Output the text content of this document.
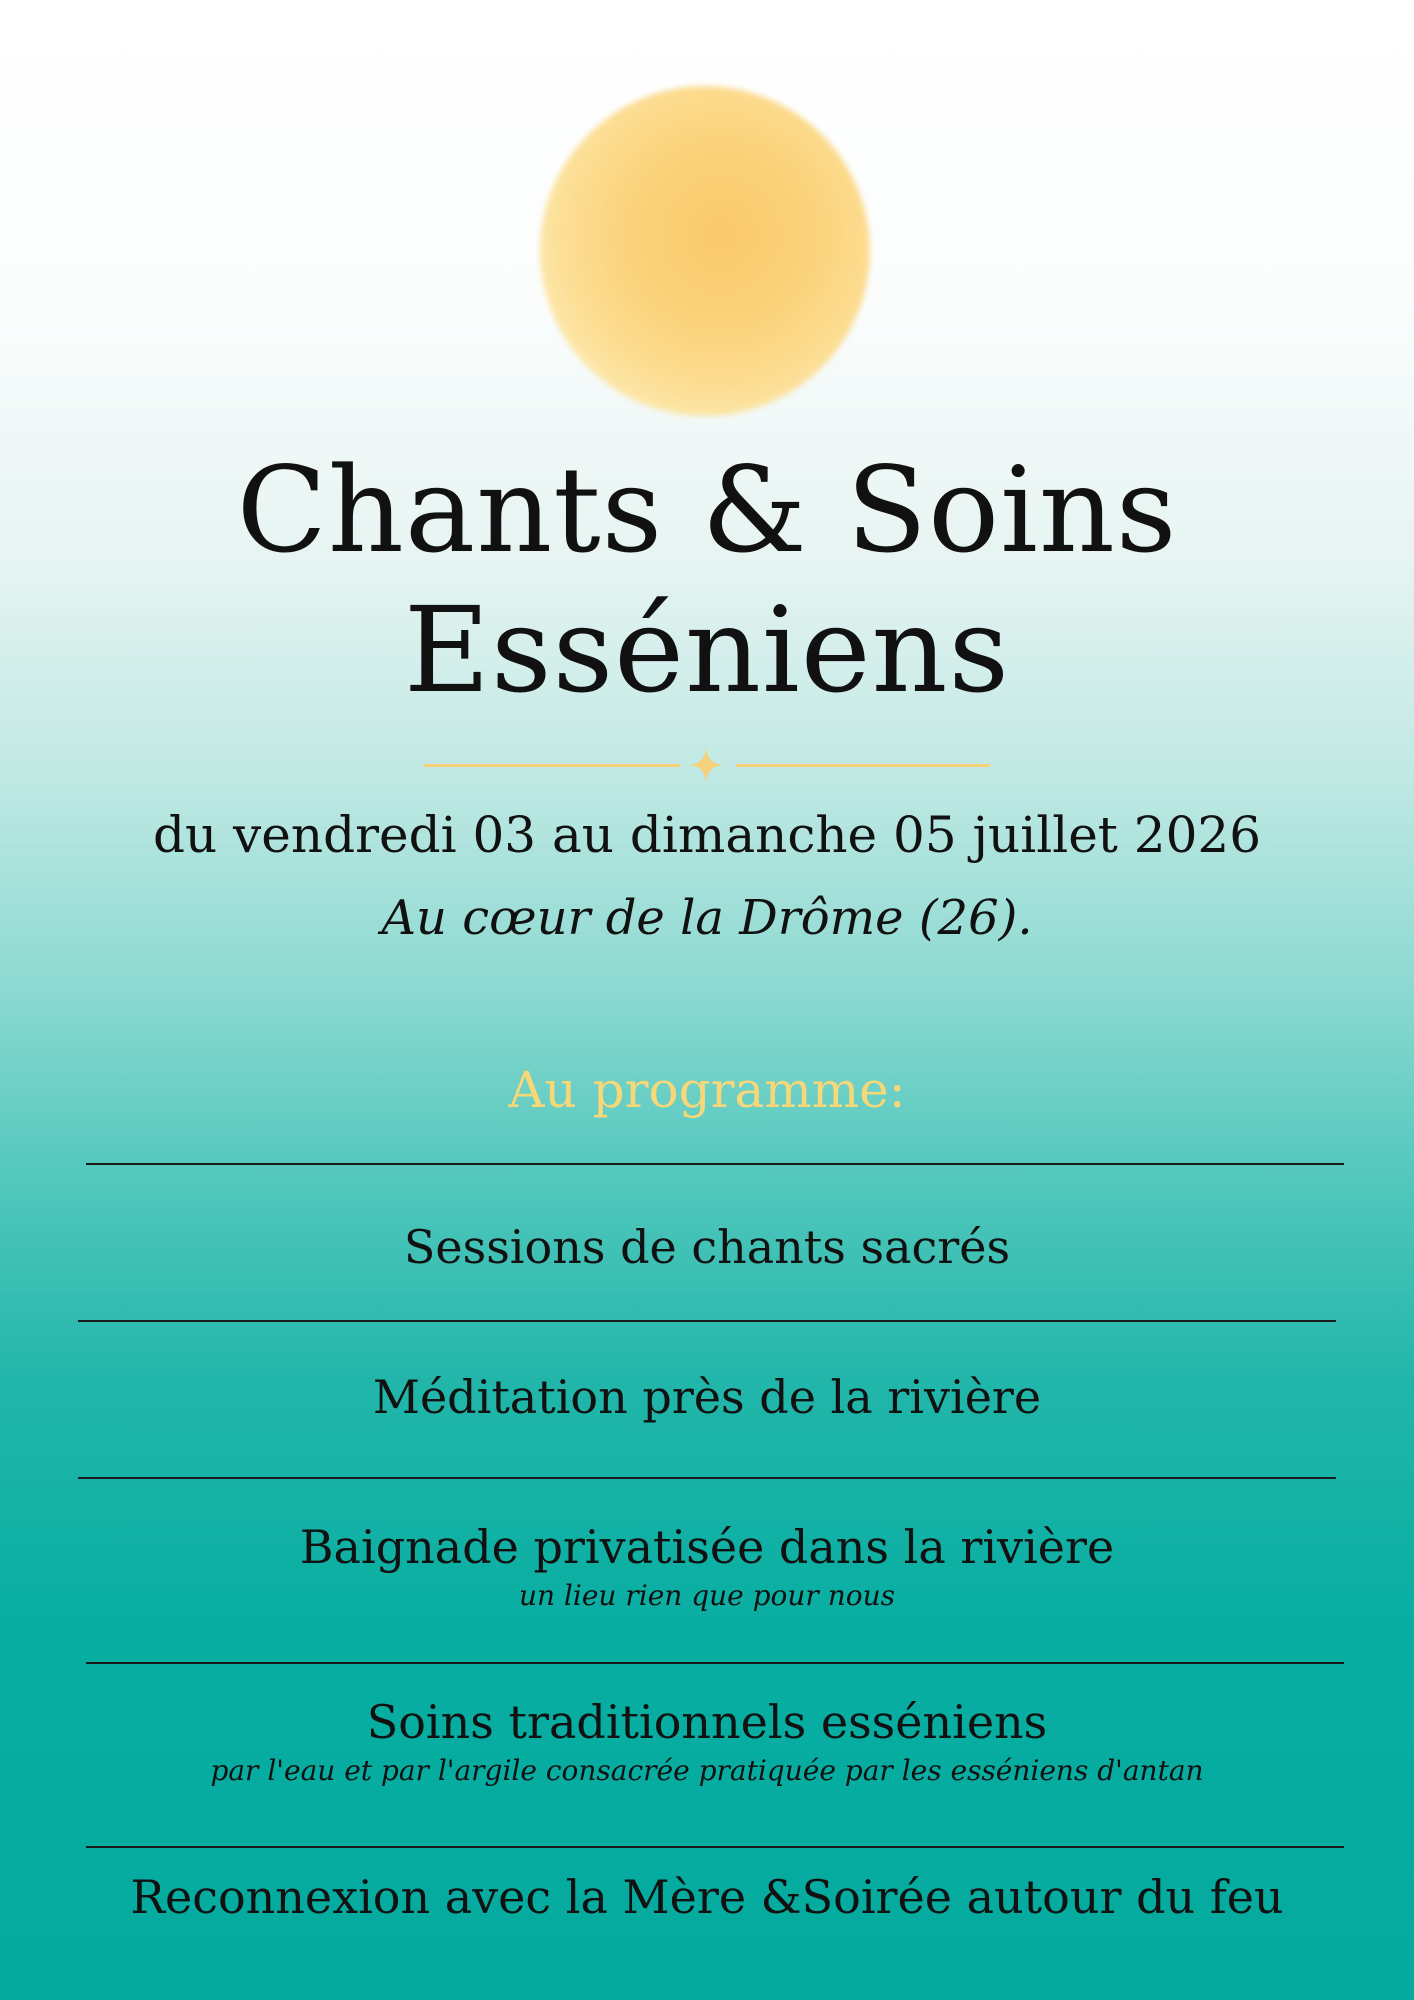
Chants & Soins
Esséniens
du vendredi 03 au dimanche 05 juillet 2026
Au cœur de la Drôme (26).
Au programme:
Sessions de chants sacrés
Méditation près de la rivière
Baignade privatisée dans la rivière
un lieu rien que pour nous
Soins traditionnels esséniens
par l'eau et par l'argile consacrée pratiquée par les esséniens d'antan
Reconnexion avec la Mère &Soirée autour du feu
